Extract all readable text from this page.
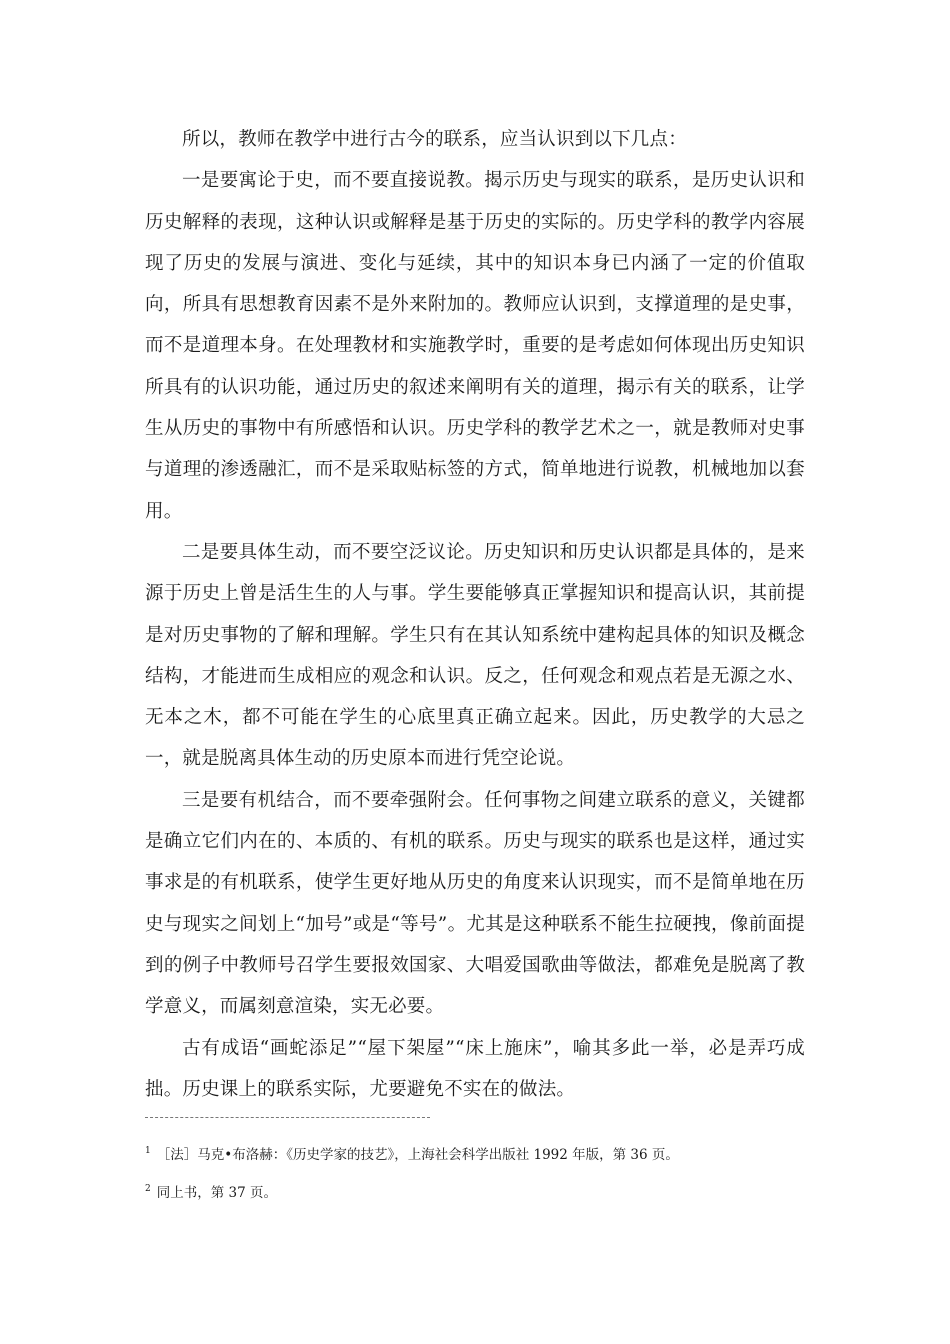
所以，教师在教学中进行古今的联系，应当认识到以下几点：

一是要寓论于史，而不要直接说教。揭示历史与现实的联系，是历史认识和历史解释的表现，这种认识或解释是基于历史的实际的。历史学科的教学内容展现了历史的发展与演进、变化与延续，其中的知识本身已内涵了一定的价值取向，所具有思想教育因素不是外来附加的。教师应认识到，支撑道理的是史事，而不是道理本身。在处理教材和实施教学时，重要的是考虑如何体现出历史知识所具有的认识功能，通过历史的叙述来阐明有关的道理，揭示有关的联系，让学生从历史的事物中有所感悟和认识。历史学科的教学艺术之一，就是教师对史事与道理的渗透融汇，而不是采取贴标签的方式，简单地进行说教，机械地加以套用。

二是要具体生动，而不要空泛议论。历史知识和历史认识都是具体的，是来源于历史上曾是活生生的人与事。学生要能够真正掌握知识和提高认识，其前提是对历史事物的了解和理解。学生只有在其认知系统中建构起具体的知识及概念结构，才能进而生成相应的观念和认识。反之，任何观念和观点若是无源之水、无本之木，都不可能在学生的心底里真正确立起来。因此，历史教学的大忌之一，就是脱离具体生动的历史原本而进行凭空论说。

三是要有机结合，而不要牵强附会。任何事物之间建立联系的意义，关键都是确立它们内在的、本质的、有机的联系。历史与现实的联系也是这样，通过实事求是的有机联系，使学生更好地从历史的角度来认识现实，而不是简单地在历史与现实之间划上“加号”或是“等号”。尤其是这种联系不能生拉硬拽，像前面提到的例子中教师号召学生要报效国家、大唱爱国歌曲等做法，都难免是脱离了教学意义，而属刻意渲染，实无必要。

古有成语“画蛇添足”“屋下架屋”“床上施床”，喻其多此一举，必是弄巧成拙。历史课上的联系实际，尤要避免不实在的做法。

$^1$ ［法］马克•布洛赫：《历史学家的技艺》，上海社会科学出版社 1992 年版，第 36 页。

$^2$ 同上书，第 37 页。
